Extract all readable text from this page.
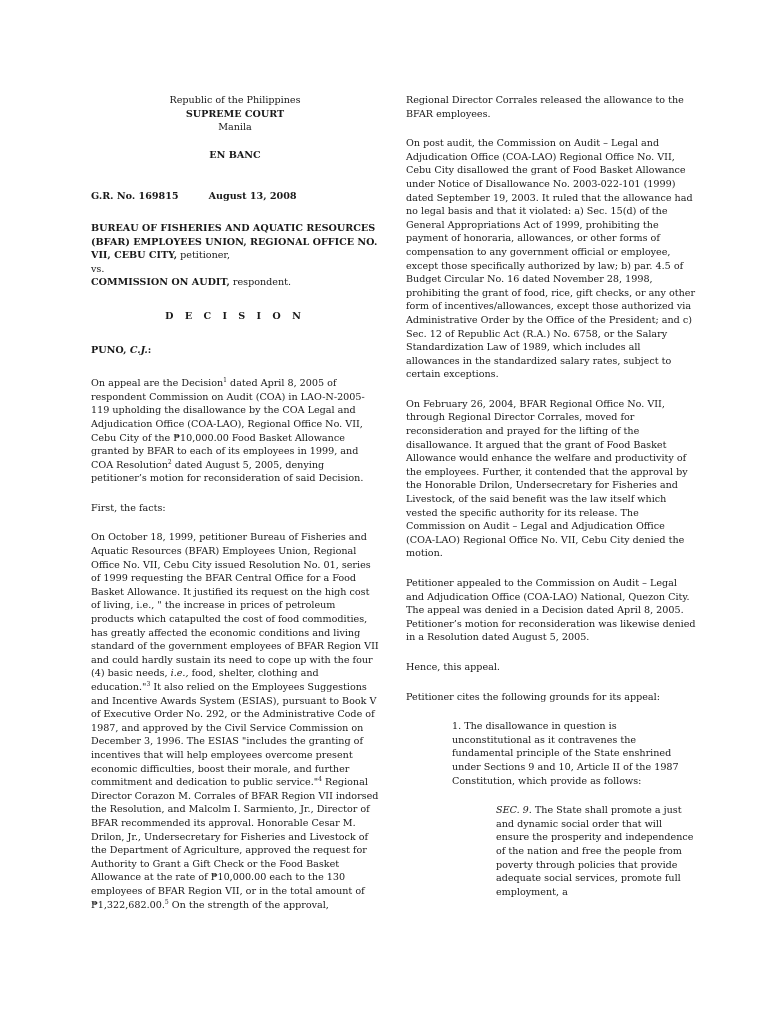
Republic of the Philippines
SUPREME COURT
Manila
EN BANC
G.R. No. 169815	August 13, 2008
BUREAU OF FISHERIES AND AQUATIC RESOURCES (BFAR) EMPLOYEES UNION, REGIONAL OFFICE NO. VII, CEBU CITY, petitioner,
vs.
COMMISSION ON AUDIT, respondent.
D E C I S I O N
PUNO, C.J.:

On appeal are the Decision$^1$ dated April 8, 2005 of respondent Commission on Audit (COA) in LAO-N-2005-119 upholding the disallowance by the COA Legal and Adjudication Office (COA-LAO), Regional Office No. VII, Cebu City of the ₱10,000.00 Food Basket Allowance granted by BFAR to each of its employees in 1999, and COA Resolution$^2$ dated August 5, 2005, denying petitioner’s motion for reconsideration of said Decision.

First, the facts:

On October 18, 1999, petitioner Bureau of Fisheries and Aquatic Resources (BFAR) Employees Union, Regional Office No. VII, Cebu City issued Resolution No. 01, series of 1999 requesting the BFAR Central Office for a Food Basket Allowance. It justified its request on the high cost of living, i.e., " the increase in prices of petroleum products which catapulted the cost of food commodities, has greatly affected the economic conditions and living standard of the government employees of BFAR Region VII and could hardly sustain its need to cope up with the four (4) basic needs, i.e., food, shelter, clothing and education."$^3$ It also relied on the Employees Suggestions and Incentive Awards System (ESIAS), pursuant to Book V of Executive Order No. 292, or the Administrative Code of 1987, and approved by the Civil Service Commission on December 3, 1996. The ESIAS "includes the granting of incentives that will help employees overcome present economic difficulties, boost their morale, and further commitment and dedication to public service."$^4$ Regional Director Corazon M. Corrales of BFAR Region VII indorsed the Resolution, and Malcolm I. Sarmiento, Jr., Director of BFAR recommended its approval. Honorable Cesar M. Drilon, Jr., Undersecretary for Fisheries and Livestock of the Department of Agriculture, approved the request for Authority to Grant a Gift Check or the Food Basket Allowance at the rate of ₱10,000.00 each to the 130 employees of BFAR Region VII, or in the total amount of ₱1,322,682.00.$^5$ On the strength of the approval,

Regional Director Corrales released the allowance to the BFAR employees.

On post audit, the Commission on Audit – Legal and Adjudication Office (COA-LAO) Regional Office No. VII, Cebu City disallowed the grant of Food Basket Allowance under Notice of Disallowance No. 2003-022-101 (1999) dated September 19, 2003. It ruled that the allowance had no legal basis and that it violated: a) Sec. 15(d) of the General Appropriations Act of 1999, prohibiting the payment of honoraria, allowances, or other forms of compensation to any government official or employee, except those specifically authorized by law; b) par. 4.5 of Budget Circular No. 16 dated November 28, 1998, prohibiting the grant of food, rice, gift checks, or any other form of incentives/allowances, except those authorized via Administrative Order by the Office of the President; and c) Sec. 12 of Republic Act (R.A.) No. 6758, or the Salary Standardization Law of 1989, which includes all allowances in the standardized salary rates, subject to certain exceptions.

On February 26, 2004, BFAR Regional Office No. VII, through Regional Director Corrales, moved for reconsideration and prayed for the lifting of the disallowance. It argued that the grant of Food Basket Allowance would enhance the welfare and productivity of the employees. Further, it contended that the approval by the Honorable Drilon, Undersecretary for Fisheries and Livestock, of the said benefit was the law itself which vested the specific authority for its release. The Commission on Audit – Legal and Adjudication Office (COA-LAO) Regional Office No. VII, Cebu City denied the motion.

Petitioner appealed to the Commission on Audit – Legal and Adjudication Office (COA-LAO) National, Quezon City. The appeal was denied in a Decision dated April 8, 2005. Petitioner’s motion for reconsideration was likewise denied in a Resolution dated August 5, 2005.

Hence, this appeal.

Petitioner cites the following grounds for its appeal:

1. The disallowance in question is unconstitutional as it contravenes the fundamental principle of the State enshrined under Sections 9 and 10, Article II of the 1987 Constitution, which provide as follows:

SEC. 9. The State shall promote a just and dynamic social order that will ensure the prosperity and independence of the nation and free the people from poverty through policies that provide adequate social services, promote full employment, a
